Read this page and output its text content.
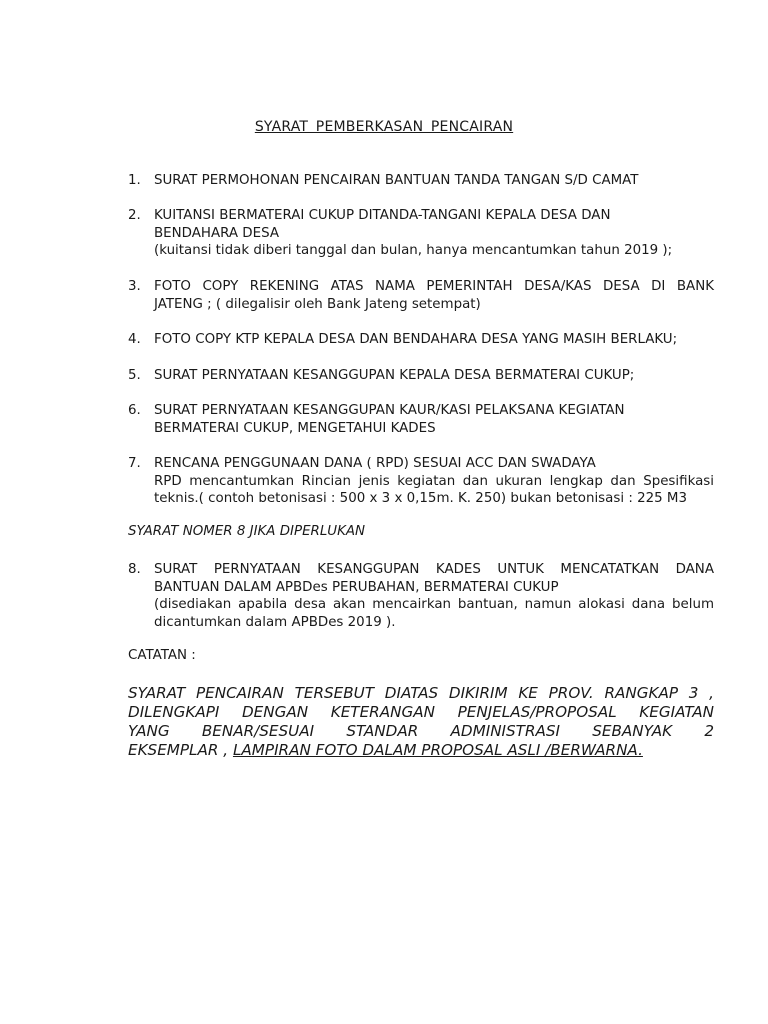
SYARAT PEMBERKASAN PENCAIRAN
1. SURAT PERMOHONAN PENCAIRAN BANTUAN TANDA TANGAN S/D CAMAT
2. KUITANSI BERMATERAI CUKUP DITANDA-TANGANI KEPALA DESA DAN
BENDAHARA DESA
(kuitansi tidak diberi tanggal dan bulan, hanya mencantumkan tahun 2019 );
3. FOTO COPY REKENING ATAS NAMA PEMERINTAH DESA/KAS DESA DI BANK
JATENG ; ( dilegalisir oleh Bank Jateng setempat)
4. FOTO COPY KTP KEPALA DESA DAN BENDAHARA DESA YANG MASIH BERLAKU;
5. SURAT PERNYATAAN KESANGGUPAN KEPALA DESA BERMATERAI CUKUP;
6. SURAT PERNYATAAN KESANGGUPAN KAUR/KASI PELAKSANA KEGIATAN
BERMATERAI CUKUP, MENGETAHUI KADES
7. RENCANA PENGGUNAAN DANA ( RPD) SESUAI ACC DAN SWADAYA
RPD mencantumkan Rincian jenis kegiatan dan ukuran lengkap dan Spesifikasi
teknis.( contoh betonisasi : 500 x 3 x 0,15m. K. 250) bukan betonisasi : 225 M3
SYARAT NOMER 8 JIKA DIPERLUKAN
8. SURAT PERNYATAAN KESANGGUPAN KADES UNTUK MENCATATKAN DANA
BANTUAN DALAM APBDes PERUBAHAN, BERMATERAI CUKUP
(disediakan apabila desa akan mencairkan bantuan, namun alokasi dana belum
dicantumkan dalam APBDes 2019 ).
CATATAN :
SYARAT PENCAIRAN TERSEBUT DIATAS DIKIRIM KE PROV. RANGKAP 3 ,
DILENGKAPI DENGAN KETERANGAN PENJELAS/PROPOSAL KEGIATAN
YANG BENAR/SESUAI STANDAR ADMINISTRASI SEBANYAK 2
EKSEMPLAR , LAMPIRAN FOTO DALAM PROPOSAL ASLI /BERWARNA.
